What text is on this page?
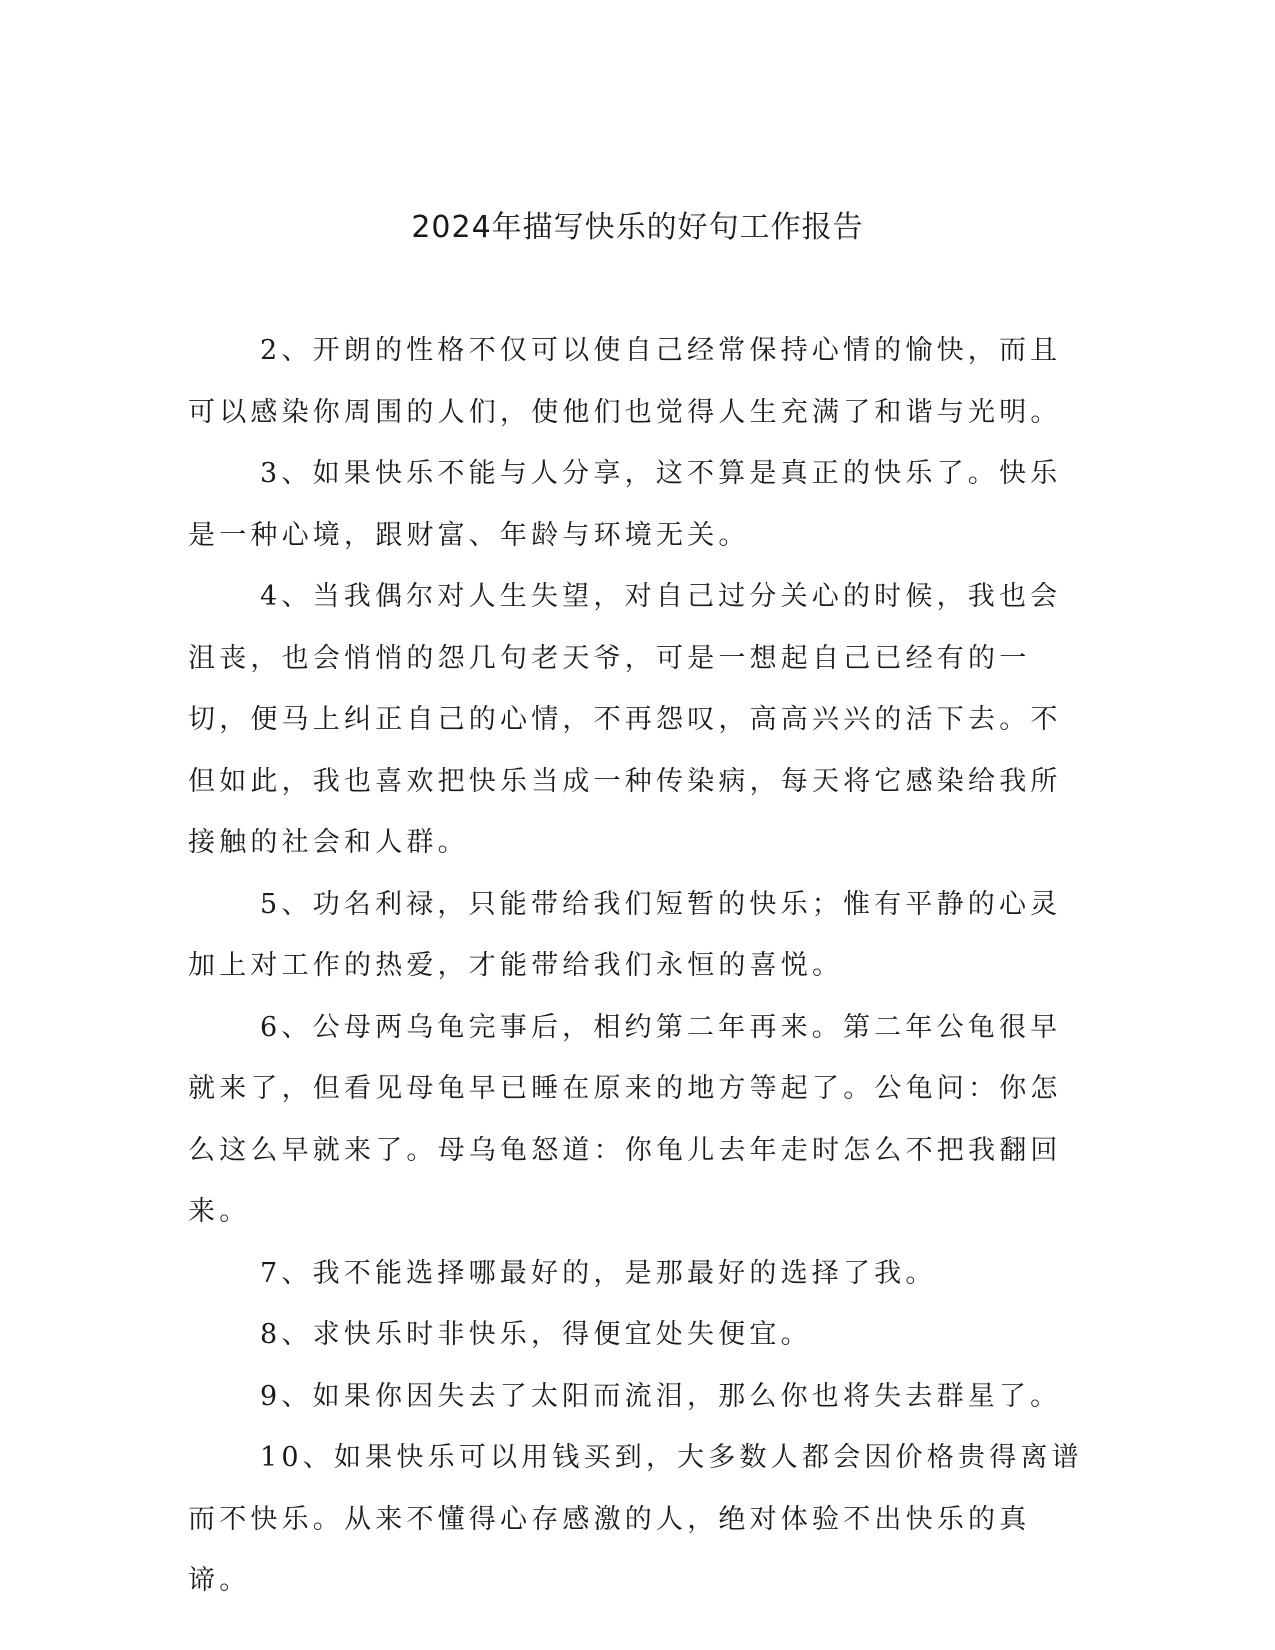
2024年描写快乐的好句工作报告

2、开朗的性格不仅可以使自己经常保持心情的愉快，而且可以感染你周围的人们，使他们也觉得人生充满了和谐与光明。

3、如果快乐不能与人分享，这不算是真正的快乐了。快乐是一种心境，跟财富、年龄与环境无关。

4、当我偶尔对人生失望，对自己过分关心的时候，我也会沮丧，也会悄悄的怨几句老天爷，可是一想起自己已经有的一切，便马上纠正自己的心情，不再怨叹，高高兴兴的活下去。不但如此，我也喜欢把快乐当成一种传染病，每天将它感染给我所接触的社会和人群。

5、功名利禄，只能带给我们短暂的快乐；惟有平静的心灵加上对工作的热爱，才能带给我们永恒的喜悦。

6、公母两乌龟完事后，相约第二年再来。第二年公龟很早就来了，但看见母龟早已睡在原来的地方等起了。公龟问：你怎么这么早就来了。母乌龟怒道：你龟儿去年走时怎么不把我翻回来。

7、我不能选择哪最好的，是那最好的选择了我。

8、求快乐时非快乐，得便宜处失便宜。

9、如果你因失去了太阳而流泪，那么你也将失去群星了。

10、如果快乐可以用钱买到，大多数人都会因价格贵得离谱而不快乐。从来不懂得心存感激的人，绝对体验不出快乐的真谛。
